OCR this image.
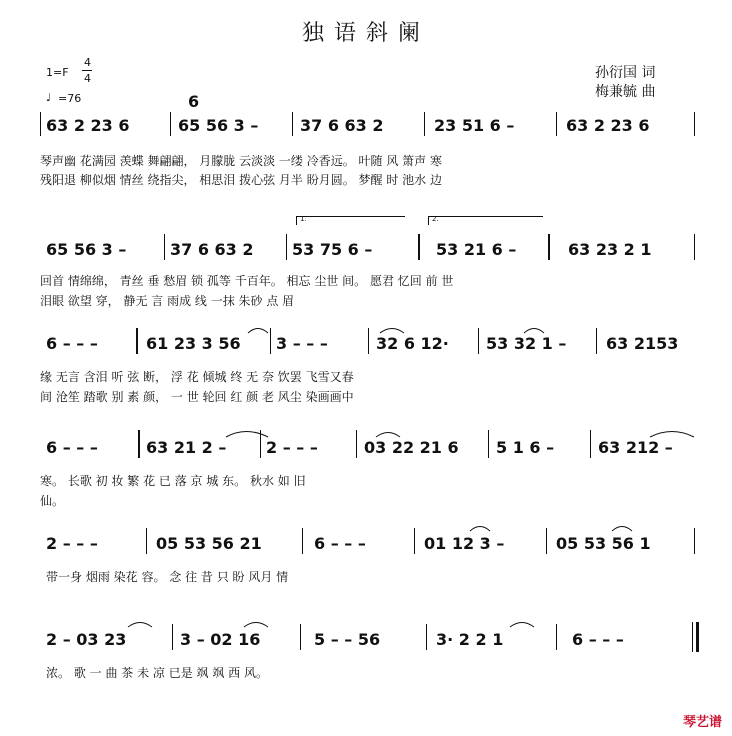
独语斜阑
1=F
4
4
♩ =76
孙衍国 词
梅兼毓 曲
6
63 2 23 6	65 56 3 –	37 6 63 2	23 51 6 –	63 2 23 6
琴声幽 花满园 羡蝶 舞翩翩， 月朦胧 云淡淡 一缕 冷香远。 叶随 风 箫声 寒
残阳退 柳似烟 情丝 绕指尖， 相思泪 拨心弦 月半 盼月圆。 梦醒 时 池水 边
1.	2.
65 56 3 –	37 6 63 2 53 75 6 –	53 21 6 –	63 23 2 1
回首 情绵绵， 青丝 垂 愁眉 锁 孤等 千百年。 相忘 尘世 间。 愿君 忆回 前 世
泪眼 欲望 穿， 静无 言 雨成 线 一抹 朱砂 点 眉
6 – – –	61 23 3 56 3 – – –	32 6 12· 53 32 1 – 63 2153
缘 无言 含泪 听 弦 断， 浮 花 倾城 终 无 奈 饮罢 飞雪又春
间 沧笙 踏歌 别 素 颜， 一 世 轮回 红 颜 老 风尘 染画画中
6 – – –	63 21 2 – 2 – – –	03 22 21 6 5 1 6 –	63 212 –
寒。 长歌 初 妆 繁 花 已 落 京 城 东。 秋水 如 旧
仙。
2 – – –	05 53 56 21	6 – – –	01 12 3 –	05 53 56 1
带一身 烟雨 染花 容。 念 往 昔 只 盼 风月 情
2 – 03 23	3 – 02 16	5 – – 56	3· 2 2 1	6 – – –
浓。 歌 一 曲 茶 未 凉 已是 飒 飒 西 风。
琴艺谱
